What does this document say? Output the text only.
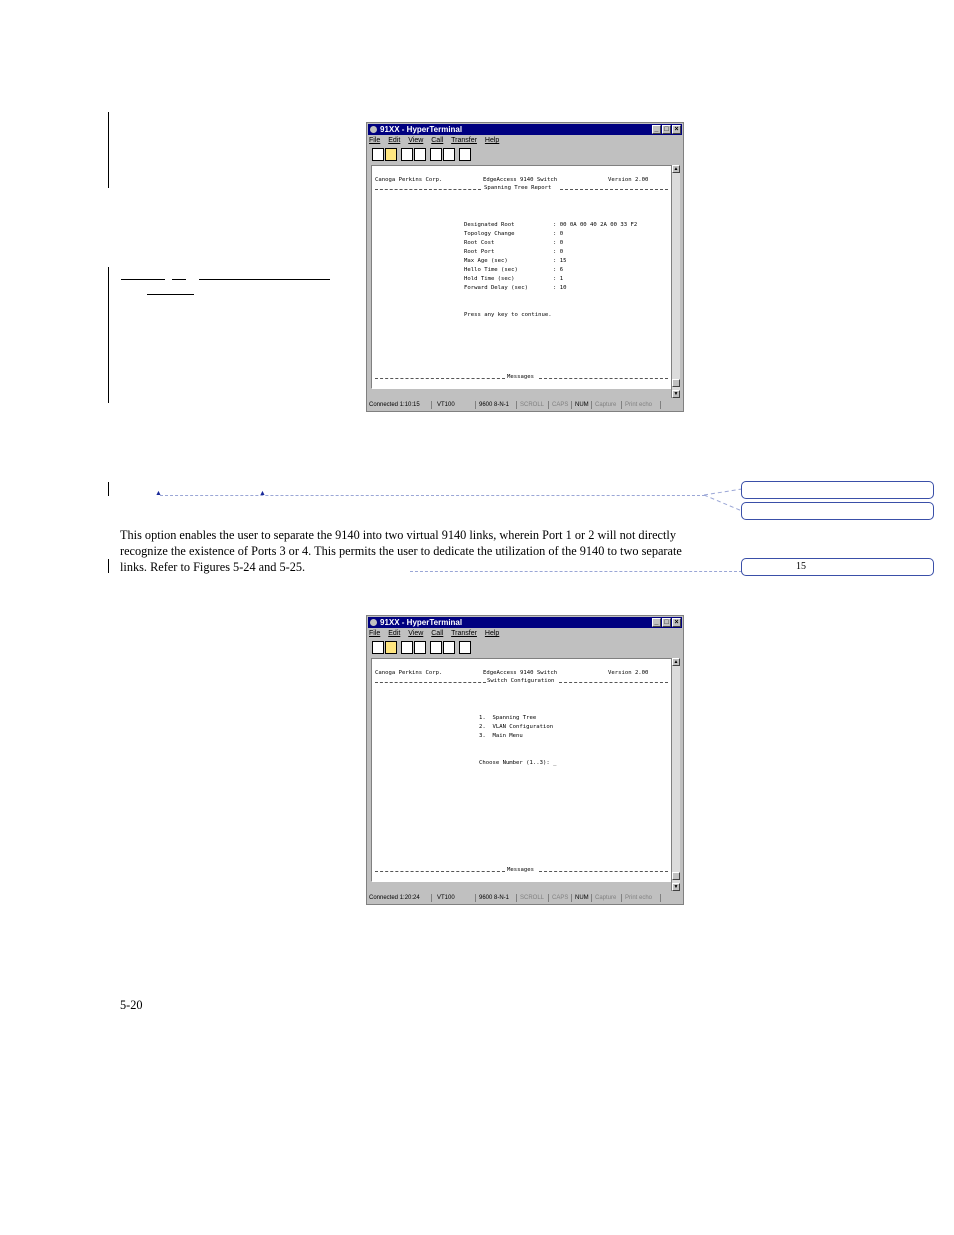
91XX - HyperTerminal	_ □ ×
File Edit View Call Transfer Help
Canoga Perkins Corp.	EdgeAccess 9140 Switch	Version 2.00
Spanning Tree Report
Designated Root	: 00 0A 00 40 2A 00 33 F2
Topology Change	: 0
Root Cost	: 0
Root Port	: 0
Max Age (sec)	: 15
Hello Time (sec)	: 6
Hold Time (sec)	: 1
Forward Delay (sec)	: 10
Press any key to continue.
Messages
▲
▼
Connected 1:10:15	VT100	9600 8-N-1 SCROLL CAPS NUM Capture Print echo
▲	▲
15
This option enables the user to separate the 9140 into two virtual 9140 links, wherein Port 1 or 2 will not directly recognize the existence of Ports 3 or 4. This permits the user to dedicate the utilization of the 9140 to two separate links. Refer to Figures 5-24 and 5-25.
91XX - HyperTerminal	_ □ ×
File Edit View Call Transfer Help
Canoga Perkins Corp.	EdgeAccess 9140 Switch	Version 2.00
Switch Configuration
1.  Spanning Tree
2.  VLAN Configuration
3.  Main Menu
Choose Number (1..3): _
Messages
▲
▼
Connected 1:20:24	VT100	9600 8-N-1 SCROLL CAPS NUM Capture Print echo
5-20
